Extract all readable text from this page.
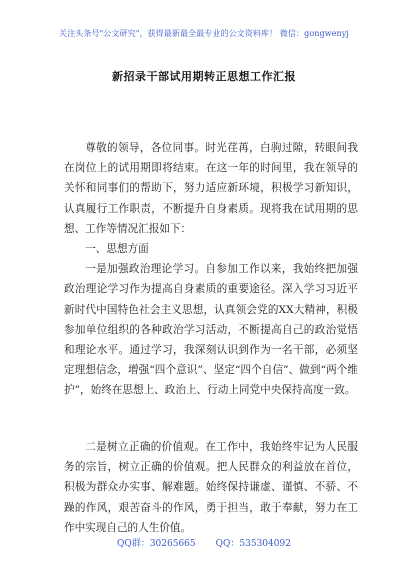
关注头条号"公文研究"，获得最新最全最专业的公文资料库！ 微信：gongwenyj
新招录干部试用期转正思想工作汇报

尊敬的领导，各位同事。时光荏苒，白驹过隙，转眼间我在岗位上的试用期即将结束。在这一年的时间里，我在领导的关怀和同事们的帮助下，努力适应新环境，积极学习新知识，认真履行工作职责，不断提升自身素质。现将我在试用期的思想、工作等情况汇报如下：

一、思想方面

一是加强政治理论学习。自参加工作以来，我始终把加强政治理论学习作为提高自身素质的重要途径。深入学习习近平新时代中国特色社会主义思想，认真领会党的XX大精神，积极参加单位组织的各种政治学习活动，不断提高自己的政治觉悟和理论水平。通过学习，我深刻认识到作为一名干部，必须坚定理想信念，增强“四个意识”、坚定“四个自信”、做到“两个维护”，始终在思想上、政治上、行动上同党中央保持高度一致。

二是树立正确的价值观。在工作中，我始终牢记为人民服务的宗旨，树立正确的价值观。把人民群众的利益放在首位，积极为群众办实事、解难题。始终保持谦虚、谨慎、不骄、不躁的作风，艰苦奋斗的作风，勇于担当，敢于奉献，努力在工作中实现自己的人生价值。

QQ群：30265665 QQ：535304092
